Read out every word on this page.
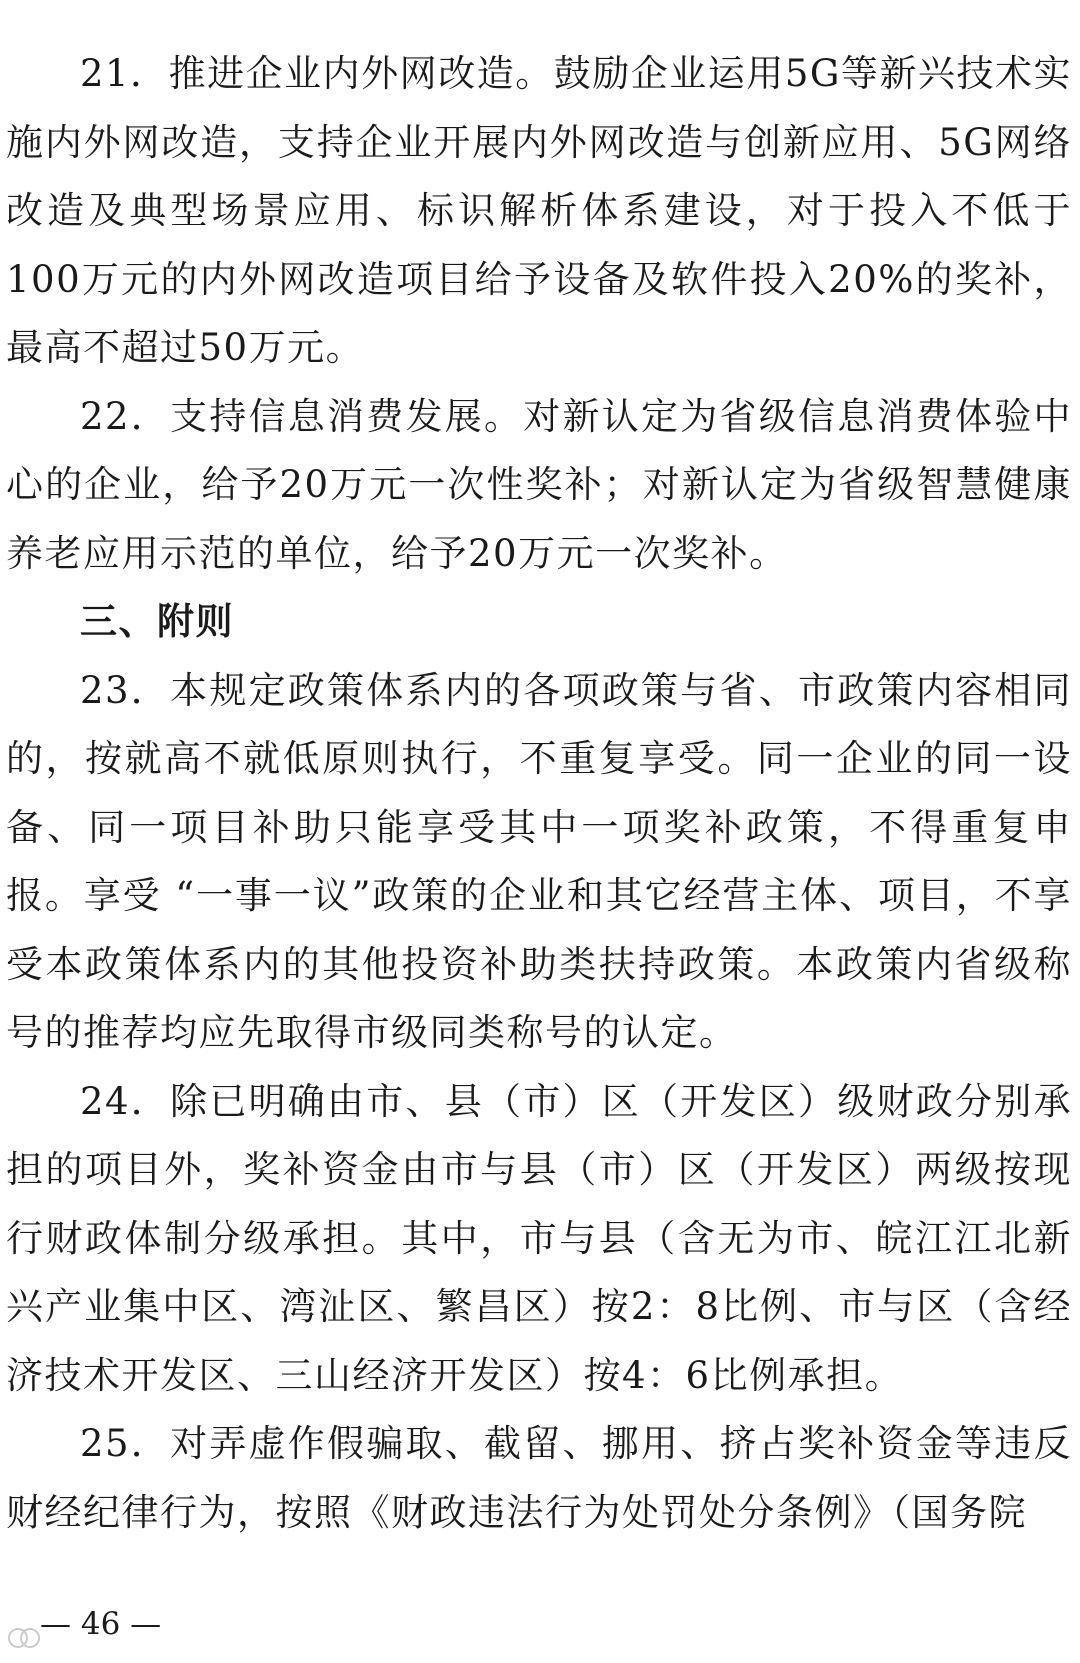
21．推进企业内外网改造。鼓励企业运用5G等新兴技术实施内外网改造，支持企业开展内外网改造与创新应用、5G网络改造及典型场景应用、标识解析体系建设，对于投入不低于100万元的内外网改造项目给予设备及软件投入20%的奖补，最高不超过50万元。

22．支持信息消费发展。对新认定为省级信息消费体验中心的企业，给予20万元一次性奖补；对新认定为省级智慧健康养老应用示范的单位，给予20万元一次奖补。

三、附则

23．本规定政策体系内的各项政策与省、市政策内容相同的，按就高不就低原则执行，不重复享受。同一企业的同一设备、同一项目补助只能享受其中一项奖补政策，不得重复申报。享受 “一事一议”政策的企业和其它经营主体、项目，不享受本政策体系内的其他投资补助类扶持政策。本政策内省级称号的推荐均应先取得市级同类称号的认定。

24．除已明确由市、县（市）区（开发区）级财政分别承担的项目外，奖补资金由市与县（市）区（开发区）两级按现行财政体制分级承担。其中，市与县（含无为市、皖江江北新兴产业集中区、湾沚区、繁昌区）按2：8比例、市与区（含经济技术开发区、三山经济开发区）按4：6比例承担。

25．对弄虚作假骗取、截留、挪用、挤占奖补资金等违反财经纪律行为，按照《财政违法行为处罚处分条例》（国务院

— 46 —
